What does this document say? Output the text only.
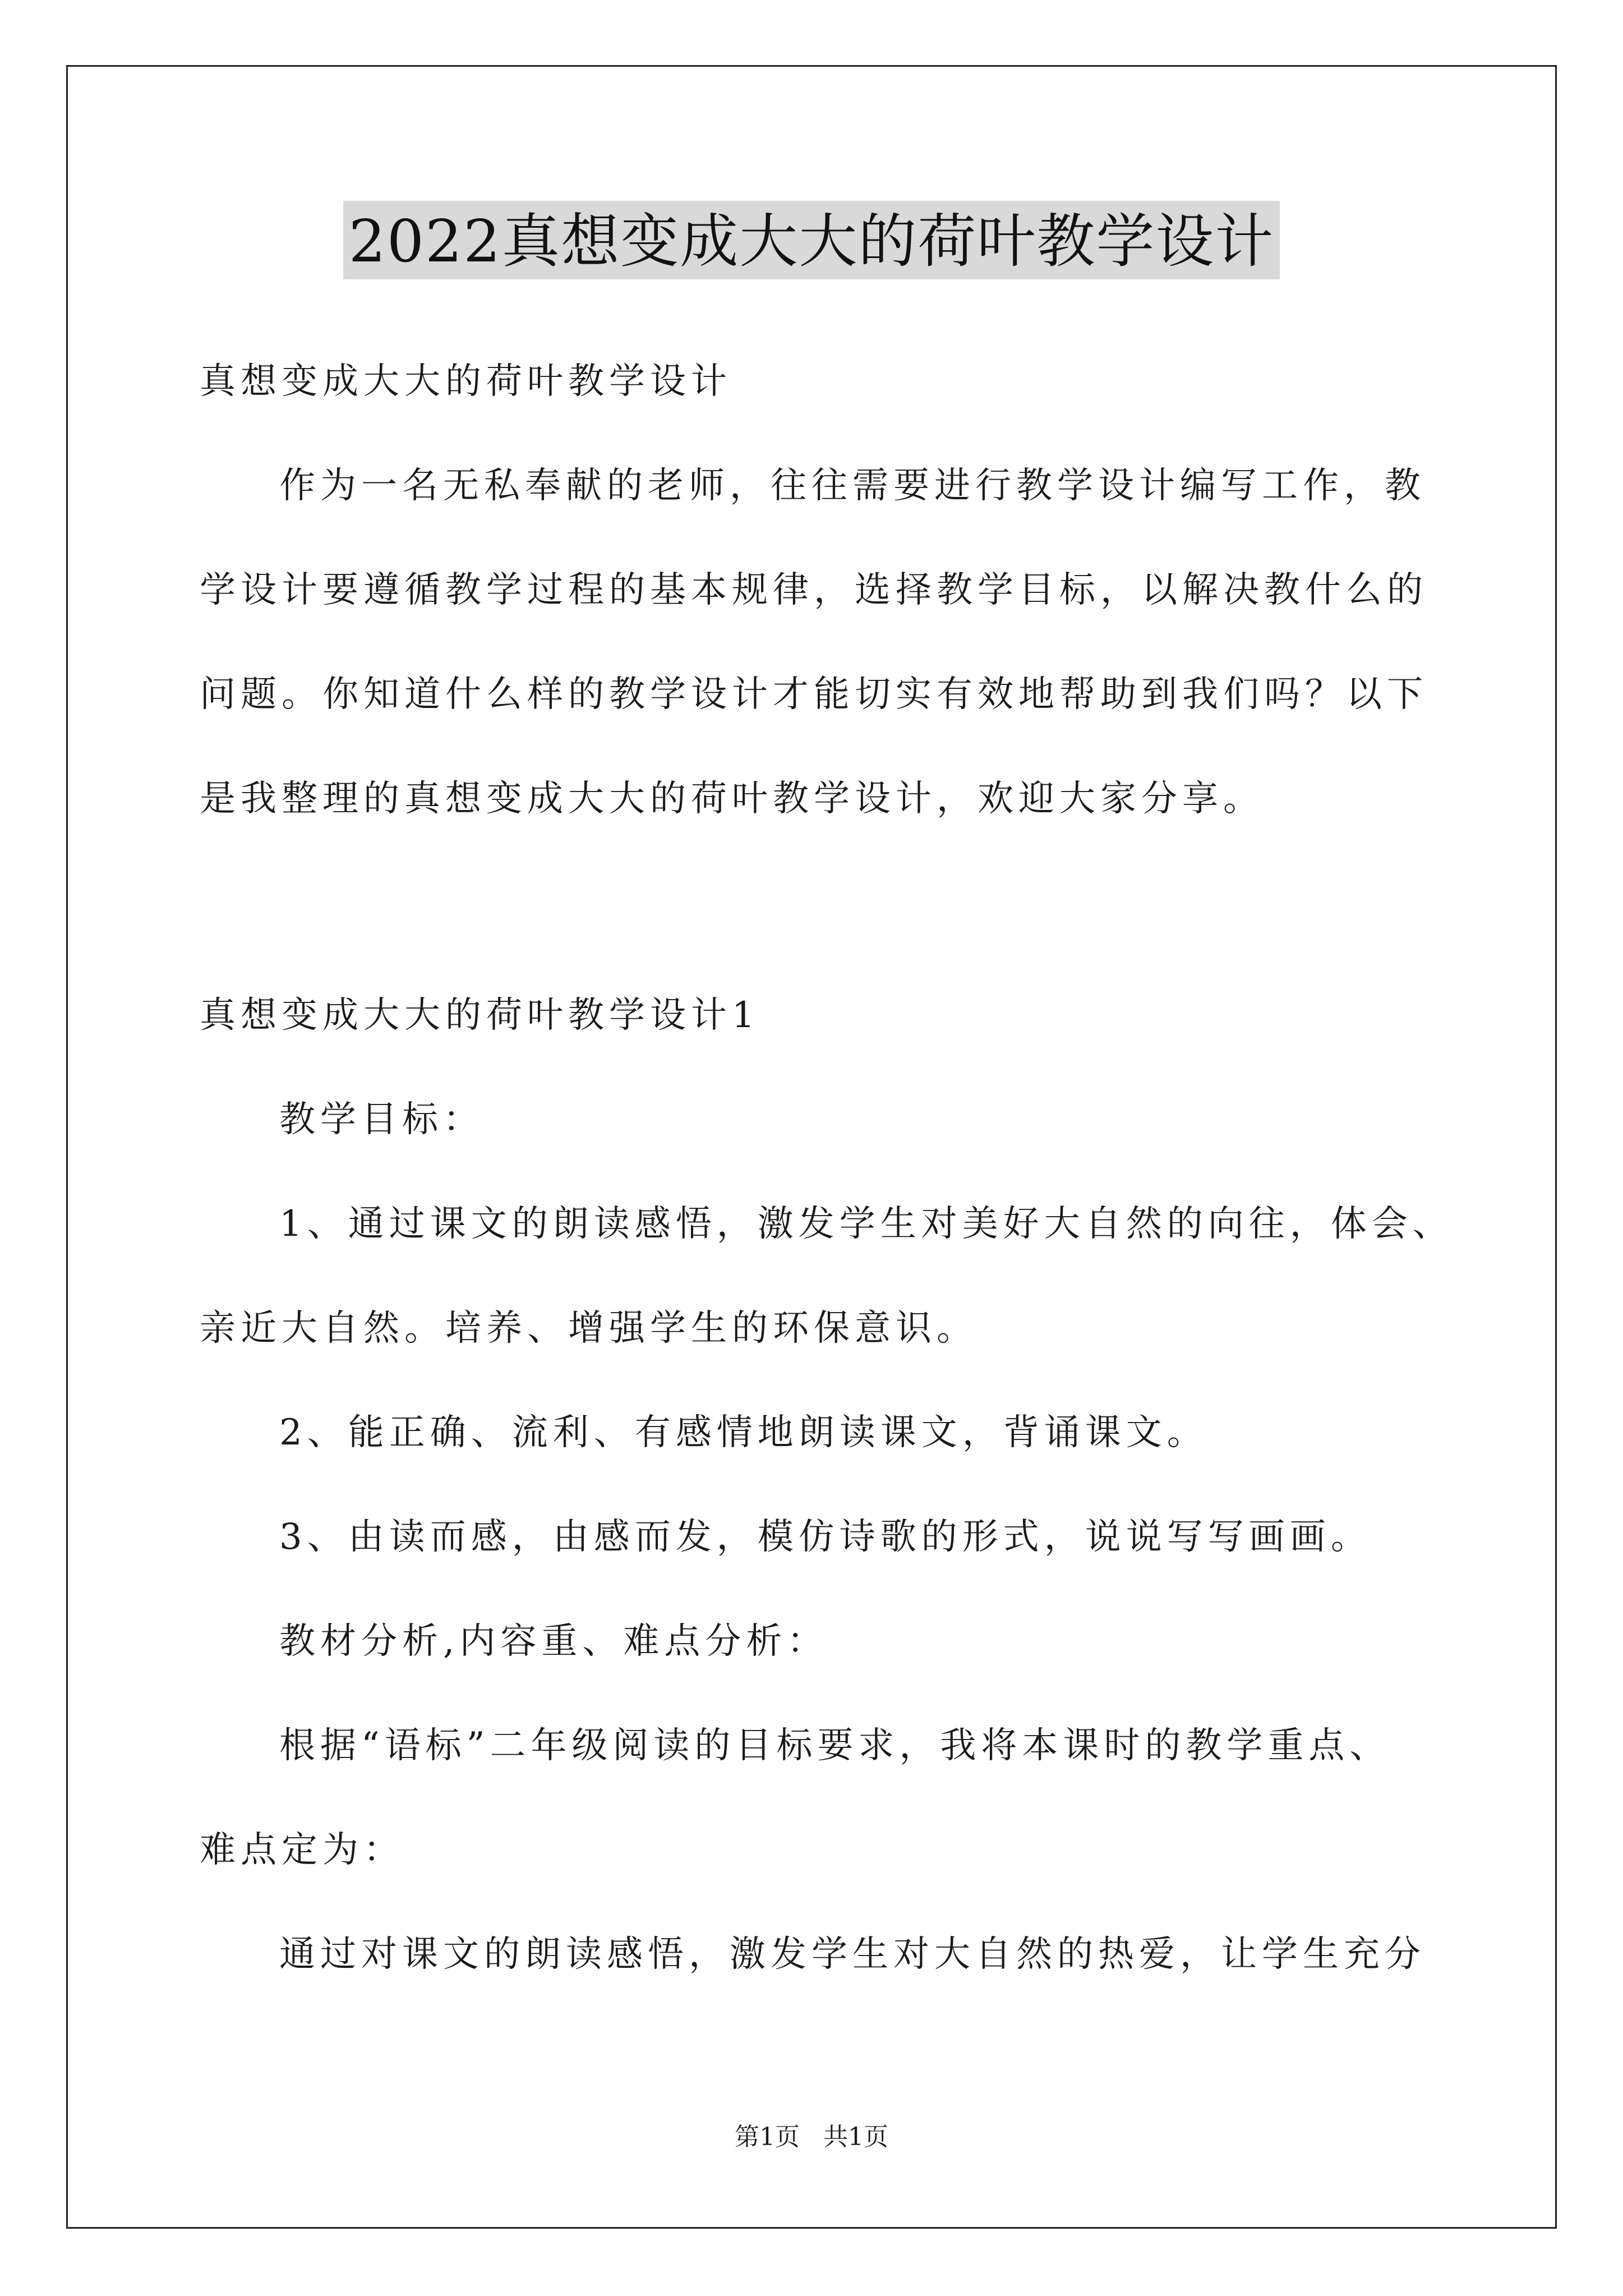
2022真想变成大大的荷叶教学设计
真想变成大大的荷叶教学设计
作为一名无私奉献的老师，往往需要进行教学设计编写工作，教
学设计要遵循教学过程的基本规律，选择教学目标，以解决教什么的
问题。你知道什么样的教学设计才能切实有效地帮助到我们吗？以下
是我整理的真想变成大大的荷叶教学设计，欢迎大家分享。
真想变成大大的荷叶教学设计1
教学目标：
1、通过课文的朗读感悟，激发学生对美好大自然的向往，体会、
亲近大自然。培养、增强学生的环保意识。
2、能正确、流利、有感情地朗读课文，背诵课文。
3、由读而感，由感而发，模仿诗歌的形式，说说写写画画。
教材分析,内容重、难点分析：
根据“语标”二年级阅读的目标要求，我将本课时的教学重点、
难点定为：
通过对课文的朗读感悟，激发学生对大自然的热爱，让学生充分
第1页   共1页
